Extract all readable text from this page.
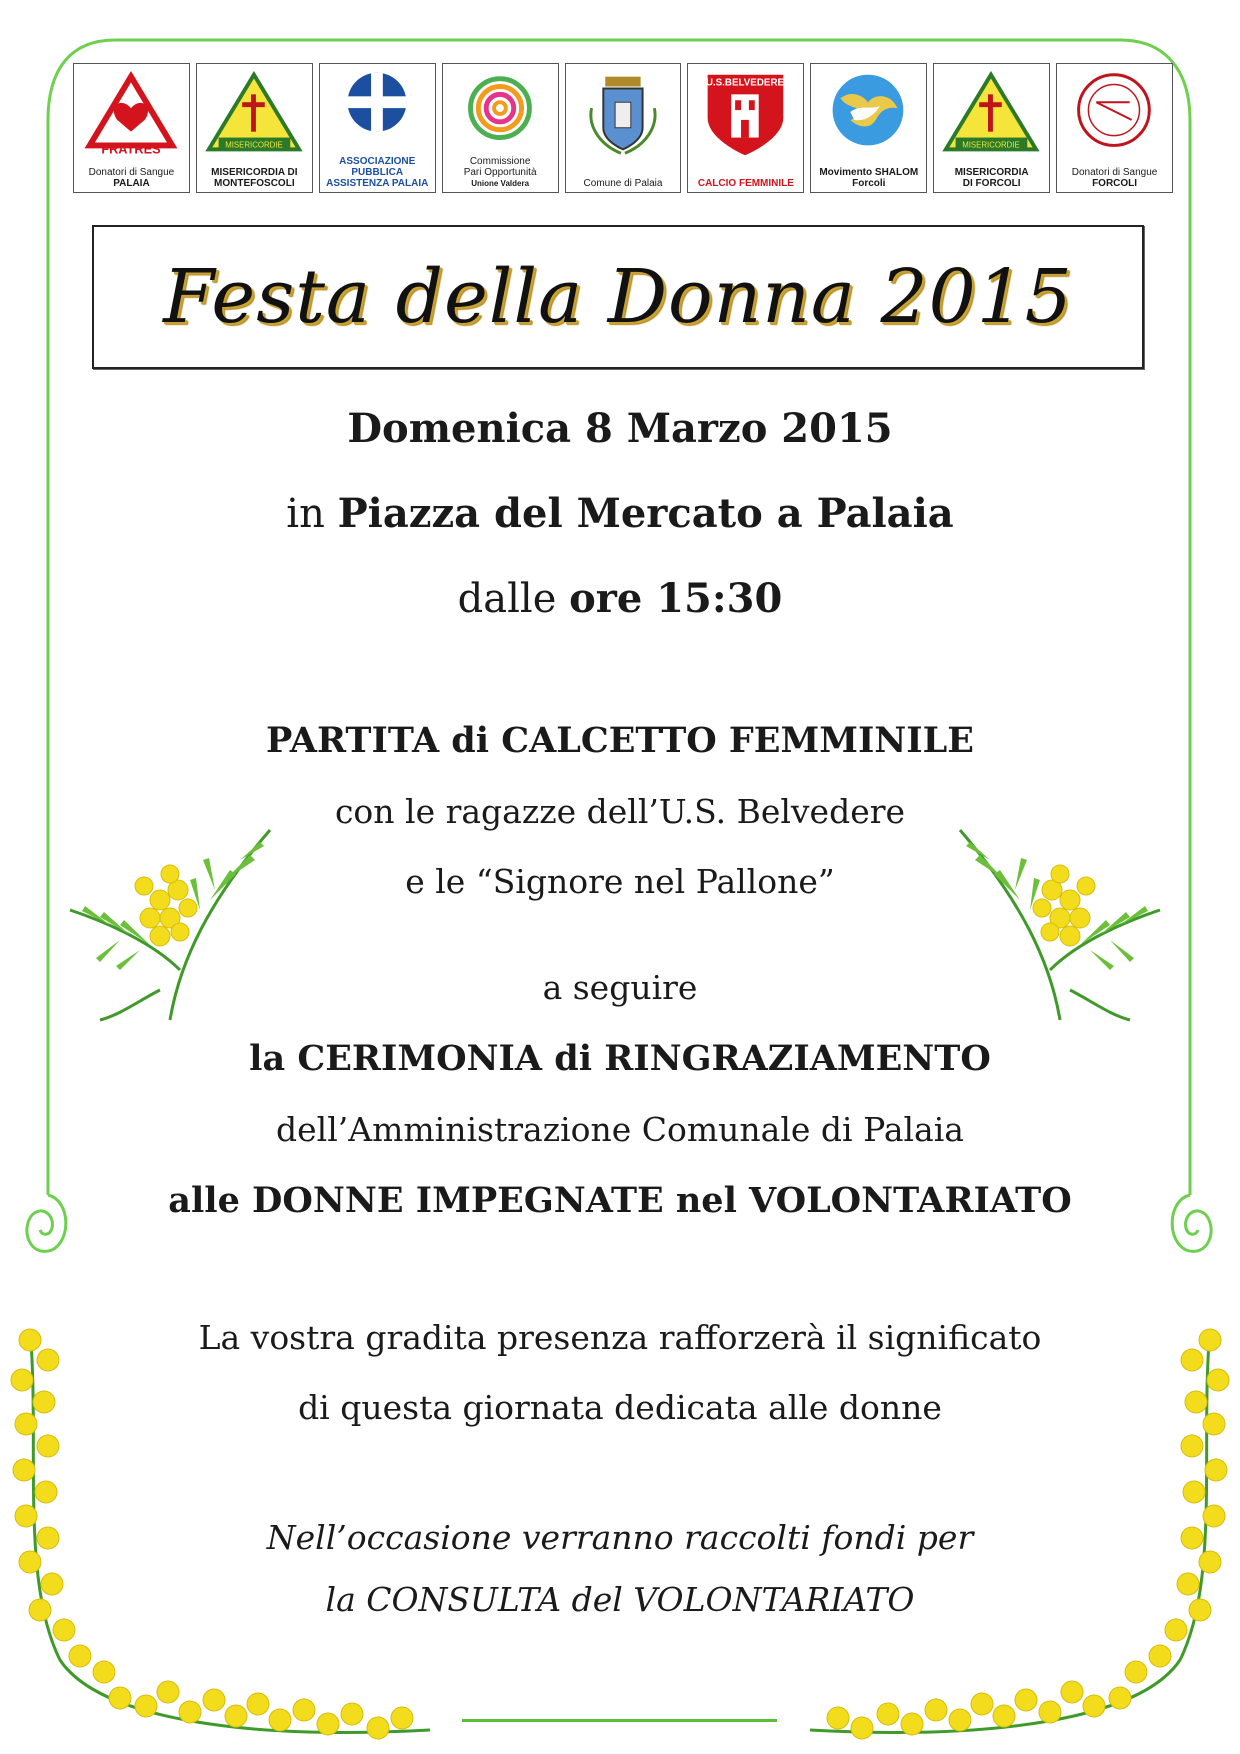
FRATRES
Donatori di Sangue
PALAIA
MISERICORDIE
MISERICORDIA DI
MONTEFOSCOLI
ASSOCIAZIONE
PUBBLICA
ASSISTENZA PALAIA
Commissione
Pari Opportunità
Unione Valdera	Comune di Palaia
U.S.BELVEDERE
CALCIO FEMMINILE
Movimento SHALOM
Forcoli
MISERICORDIE
MISERICORDIA
DI FORCOLI
Donatori di Sangue
FORCOLI
Festa della Donna 2015
Domenica 8 Marzo 2015
in Piazza del Mercato a Palaia
dalle ore 15:30
PARTITA di CALCETTO FEMMINILE
con le ragazze dell’U.S. Belvedere
e le “Signore nel Pallone”
a seguire
la CERIMONIA di RINGRAZIAMENTO
dell’Amministrazione Comunale di Palaia
alle DONNE IMPEGNATE nel VOLONTARIATO
La vostra gradita presenza rafforzerà il significato
di questa giornata dedicata alle donne
Nell’occasione verranno raccolti fondi per
la CONSULTA del VOLONTARIATO
